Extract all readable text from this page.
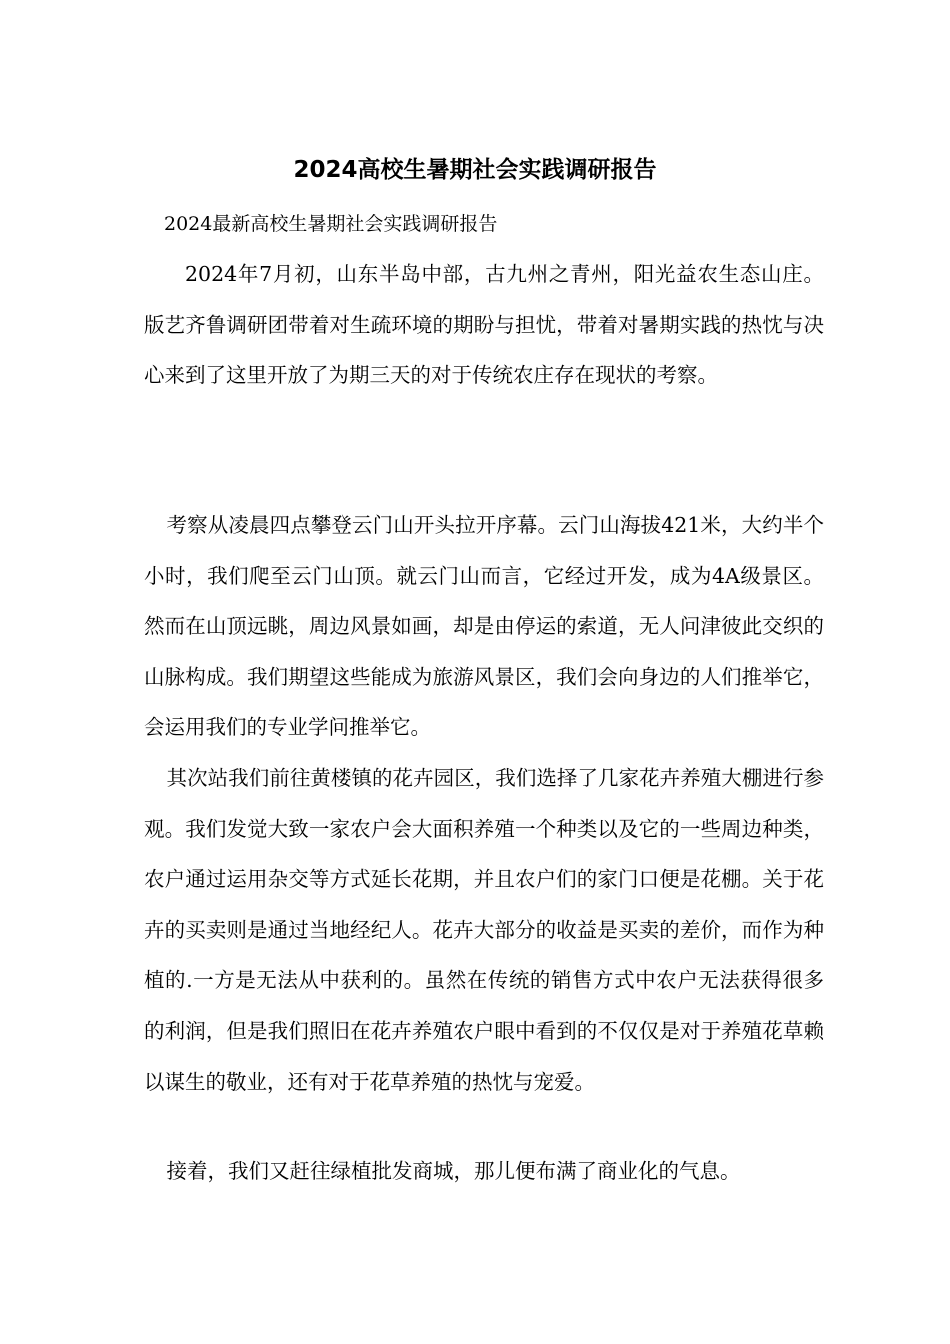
2024高校生暑期社会实践调研报告

2024最新高校生暑期社会实践调研报告

2024年7月初，山东半岛中部，古九州之青州，阳光益农生态山庄。版艺齐鲁调研团带着对生疏环境的期盼与担忧，带着对暑期实践的热忱与决心来到了这里开放了为期三天的对于传统农庄存在现状的考察。

考察从凌晨四点攀登云门山开头拉开序幕。云门山海拔421米，大约半个小时，我们爬至云门山顶。就云门山而言，它经过开发，成为4A级景区。然而在山顶远眺，周边风景如画，却是由停运的索道，无人问津彼此交织的山脉构成。我们期望这些能成为旅游风景区，我们会向身边的人们推举它，会运用我们的专业学问推举它。

其次站我们前往黄楼镇的花卉园区，我们选择了几家花卉养殖大棚进行参观。我们发觉大致一家农户会大面积养殖一个种类以及它的一些周边种类，农户通过运用杂交等方式延长花期，并且农户们的家门口便是花棚。关于花卉的买卖则是通过当地经纪人。花卉大部分的收益是买卖的差价，而作为种植的.一方是无法从中获利的。虽然在传统的销售方式中农户无法获得很多的利润，但是我们照旧在花卉养殖农户眼中看到的不仅仅是对于养殖花草赖以谋生的敬业，还有对于花草养殖的热忱与宠爱。

接着，我们又赶往绿植批发商城，那儿便布满了商业化的气息。
